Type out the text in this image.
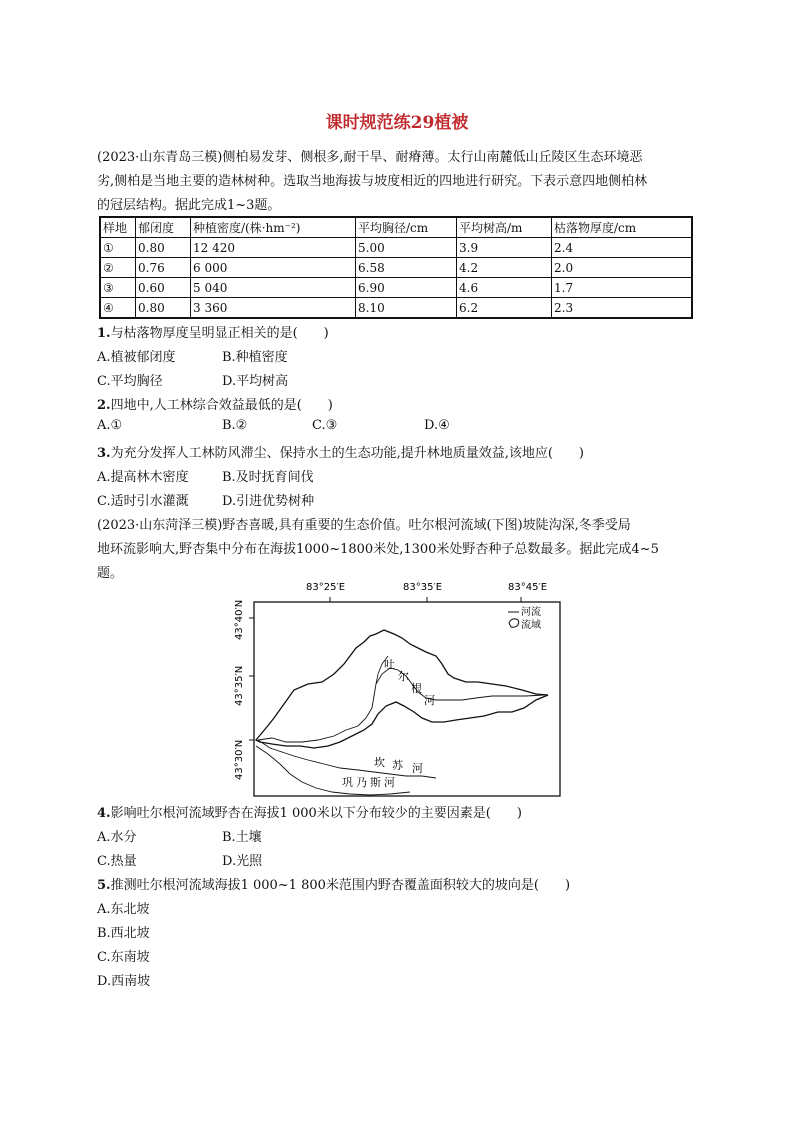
课时规范练29植被
(2023·山东青岛三模)侧柏易发芽、侧根多,耐干旱、耐瘠薄。太行山南麓低山丘陵区生态环境恶
劣,侧柏是当地主要的造林树种。选取当地海拔与坡度相近的四地进行研究。下表示意四地侧柏林
的冠层结构。据此完成1~3题。
样地	郁闭度	种植密度/(株·hm⁻²)	平均胸径/cm	平均树高/m	枯落物厚度/cm
①	0.80	12 420	5.00	3.9	2.4
②	0.76	6 000	6.58	4.2	2.0
③	0.60	5 040	6.90	4.6	1.7
④	0.80	3 360	8.10	6.2	2.3
1.与枯落物厚度呈明显正相关的是(　　)
A.植被郁闭度	B.种植密度
C.平均胸径	D.平均树高
2.四地中,人工林综合效益最低的是(　　)
A.①	B.②	C.③	D.④
3.为充分发挥人工林防风滞尘、保持水土的生态功能,提升林地质量效益,该地应(　　)
A.提高林木密度	B.及时抚育间伐
C.适时引水灌溉	D.引进优势树种
(2023·山东菏泽三模)野杏喜暖,具有重要的生态价值。吐尔根河流域(下图)坡陡沟深,冬季受局
地环流影响大,野杏集中分布在海拔1000~1800米处,1300米处野杏种子总数最多。据此完成4~5
题。
83°25′E	83°35′E	83°45′E
43°40′N
43°35′N
43°30′N
河流
流域
吐
尔
根
河
坎 苏 河
巩 乃 斯 河
4.影响吐尔根河流域野杏在海拔1 000米以下分布较少的主要因素是(　　)
A.水分	B.土壤
C.热量	D.光照
5.推测吐尔根河流域海拔1 000~1 800米范围内野杏覆盖面积较大的坡向是(　　)
A.东北坡
B.西北坡
C.东南坡
D.西南坡
